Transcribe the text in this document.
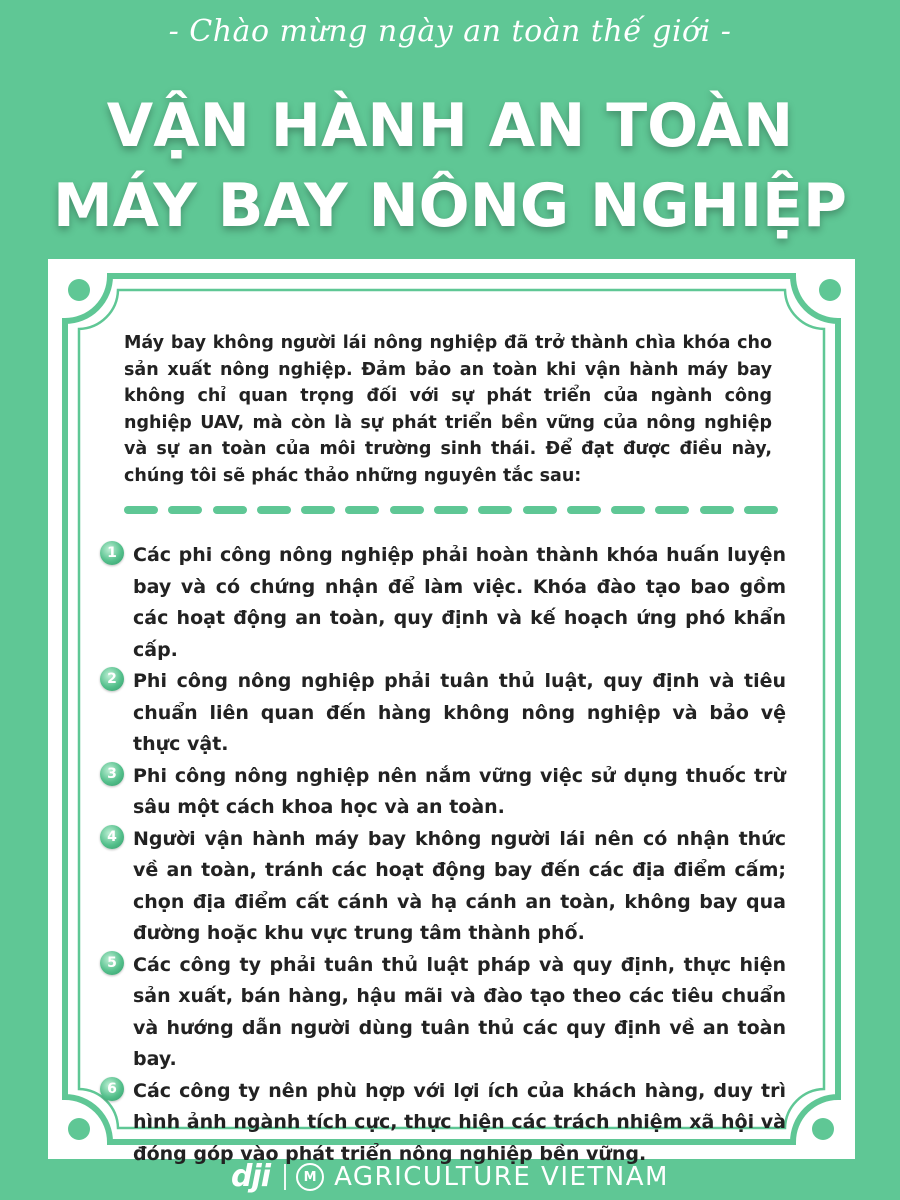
- Chào mừng ngày an toàn thế giới -
VẬN HÀNH AN TOÀN
MÁY BAY NÔNG NGHIỆP
Máy bay không người lái nông nghiệp đã trở thành chìa khóa cho sản xuất nông nghiệp. Đảm bảo an toàn khi vận hành máy bay không chỉ quan trọng đối với sự phát triển của ngành công nghiệp UAV, mà còn là sự phát triển bền vững của nông nghiệp và sự an toàn của môi trường sinh thái. Để đạt được điều này, chúng tôi sẽ phác thảo những nguyên tắc sau:
1 Các phi công nông nghiệp phải hoàn thành khóa huấn luyện bay và có chứng nhận để làm việc. Khóa đào tạo bao gồm các hoạt động an toàn, quy định và kế hoạch ứng phó khẩn cấp.
2 Phi công nông nghiệp phải tuân thủ luật, quy định và tiêu chuẩn liên quan đến hàng không nông nghiệp và bảo vệ thực vật.
3 Phi công nông nghiệp nên nắm vững việc sử dụng thuốc trừ sâu một cách khoa học và an toàn.
4 Người vận hành máy bay không người lái nên có nhận thức về an toàn, tránh các hoạt động bay đến các địa điểm cấm; chọn địa điểm cất cánh và hạ cánh an toàn, không bay qua đường hoặc khu vực trung tâm thành phố.
5 Các công ty phải tuân thủ luật pháp và quy định, thực hiện sản xuất, bán hàng, hậu mãi và đào tạo theo các tiêu chuẩn và hướng dẫn người dùng tuân thủ các quy định về an toàn bay.
6 Các công ty nên phù hợp với lợi ích của khách hàng, duy trì hình ảnh ngành tích cực, thực hiện các trách nhiệm xã hội và đóng góp vào phát triển nông nghiệp bền vững.
dji	M AGRICULTURE VIETNAM
